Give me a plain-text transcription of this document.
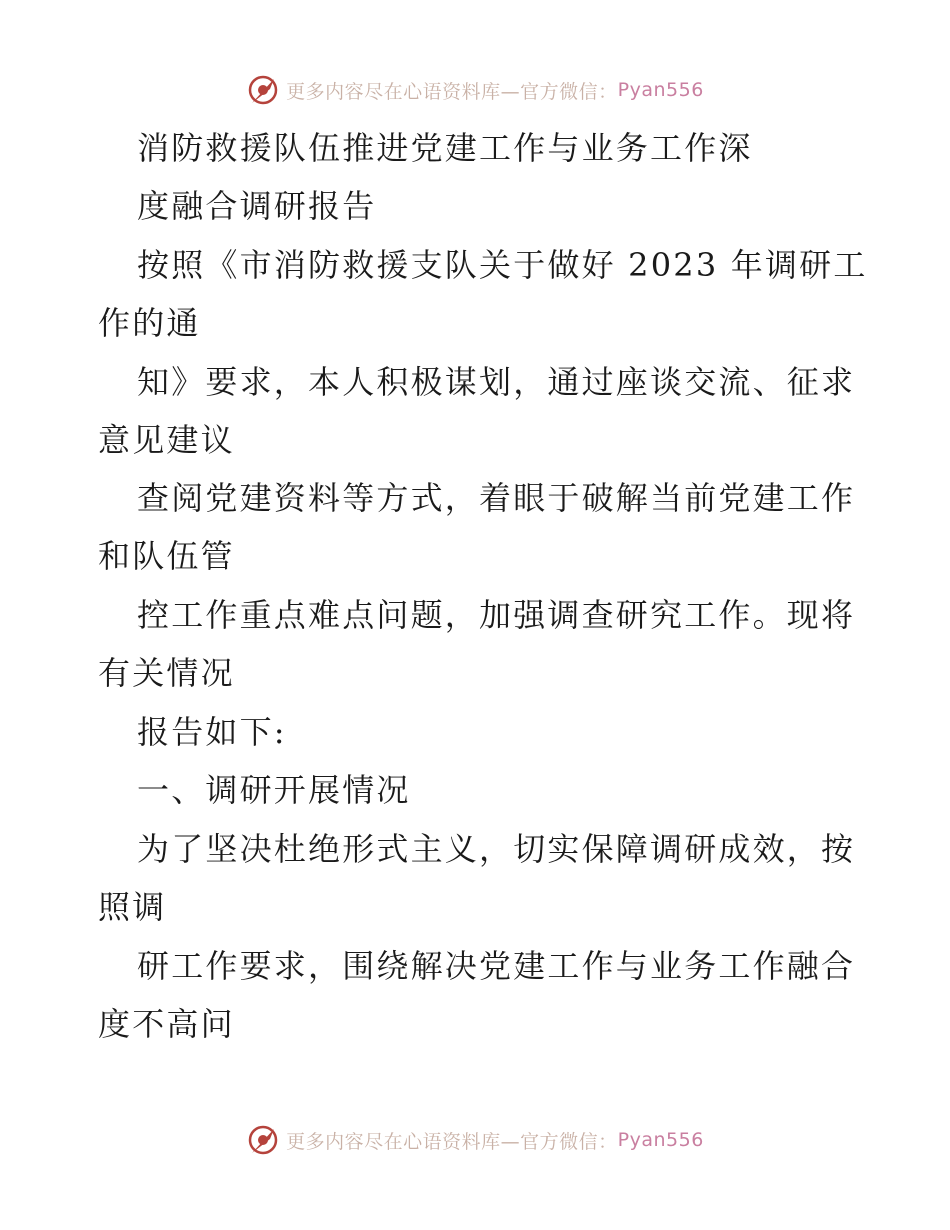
更多内容尽在心语资料库—官方微信： Pyan556
消防救援队伍推进党建工作与业务工作深
度融合调研报告
按照《市消防救援支队关于做好 2023 年调研工
作的通
知》要求，本人积极谋划，通过座谈交流、征求
意见建议
查阅党建资料等方式，着眼于破解当前党建工作
和队伍管
控工作重点难点问题，加强调查研究工作。现将
有关情况
报告如下:
一、调研开展情况
为了坚决杜绝形式主义，切实保障调研成效，按
照调
研工作要求，围绕解决党建工作与业务工作融合
度不高问
更多内容尽在心语资料库—官方微信： Pyan556
